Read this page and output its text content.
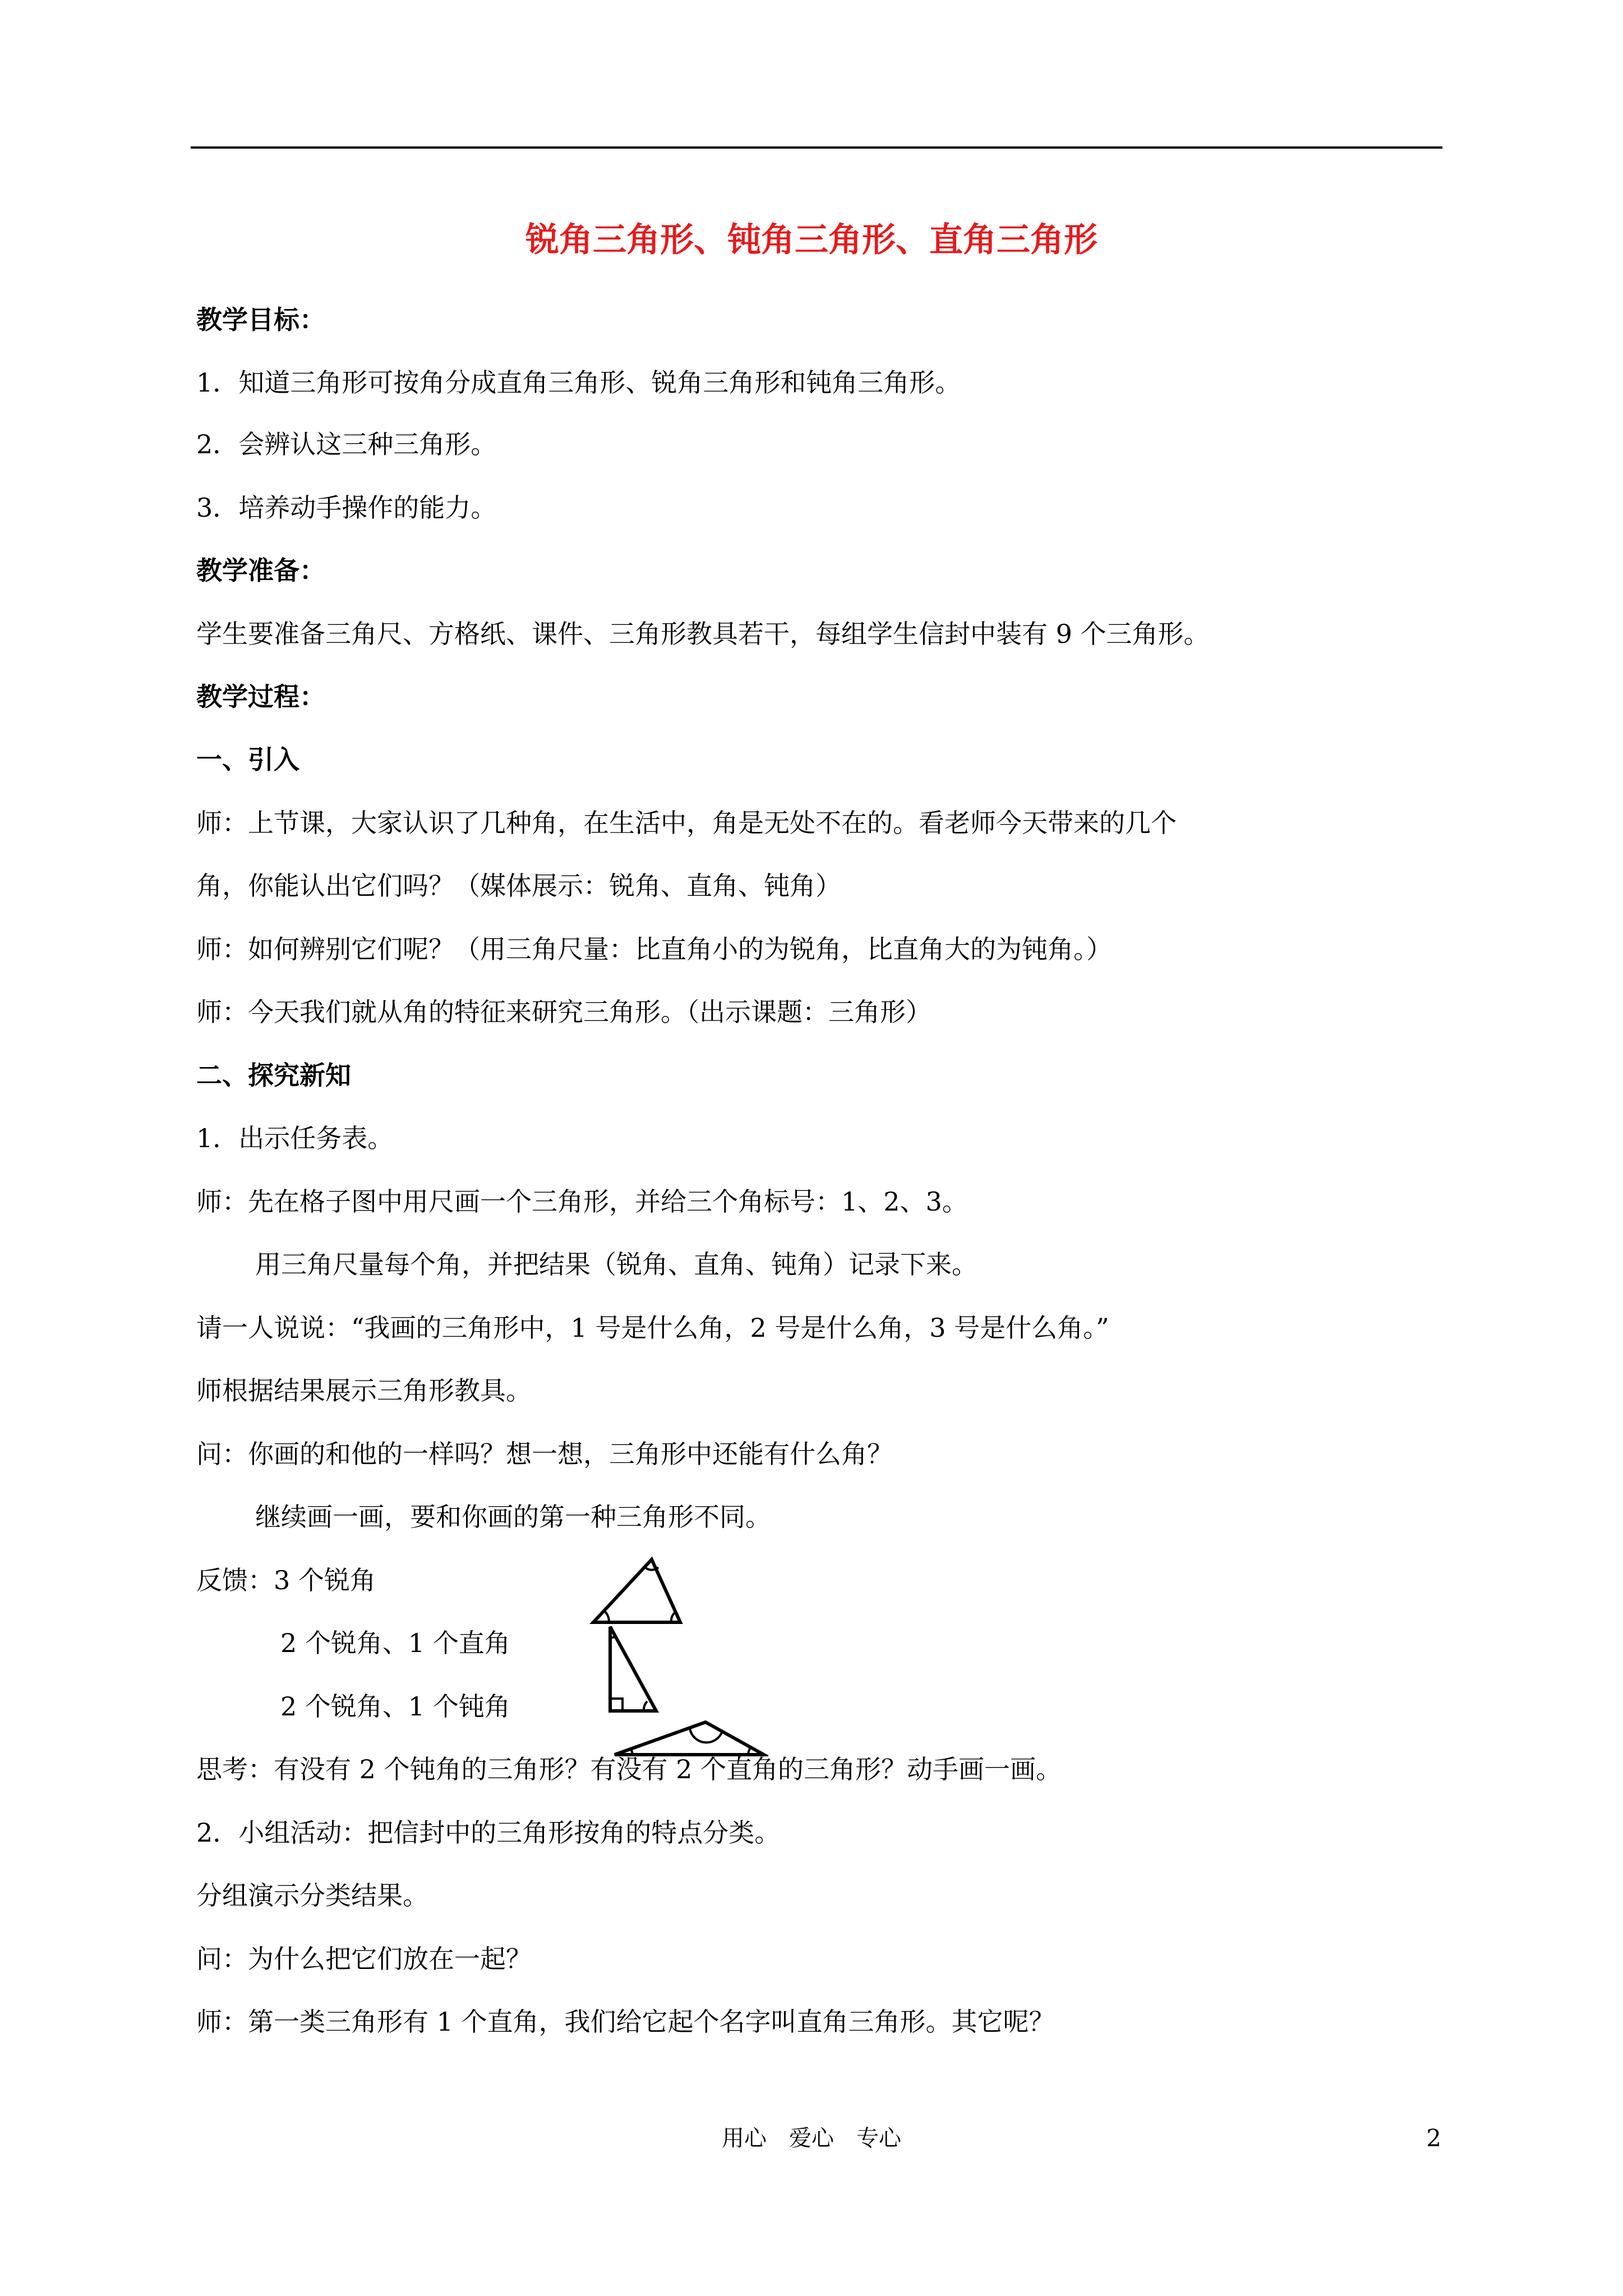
锐角三角形、钝角三角形、直角三角形
教学目标：
1．知道三角形可按角分成直角三角形、锐角三角形和钝角三角形。
2．会辨认这三种三角形。
3．培养动手操作的能力。
教学准备：
学生要准备三角尺、方格纸、课件、三角形教具若干，每组学生信封中装有 9 个三角形。
教学过程：
一、引入
师：上节课，大家认识了几种角，在生活中，角是无处不在的。看老师今天带来的几个
角，你能认出它们吗？（媒体展示：锐角、直角、钝角）
师：如何辨别它们呢？（用三角尺量：比直角小的为锐角，比直角大的为钝角。）
师：今天我们就从角的特征来研究三角形。（出示课题：三角形）
二、探究新知
1．出示任务表。
师：先在格子图中用尺画一个三角形，并给三个角标号：1、2、3。
用三角尺量每个角，并把结果（锐角、直角、钝角）记录下来。
请一人说说：“我画的三角形中，1 号是什么角，2 号是什么角，3 号是什么角。”
师根据结果展示三角形教具。
问：你画的和他的一样吗？想一想，三角形中还能有什么角？
继续画一画，要和你画的第一种三角形不同。
反馈：3 个锐角
2 个锐角、1 个直角
2 个锐角、1 个钝角
思考：有没有 2 个钝角的三角形？有没有 2 个直角的三角形？动手画一画。
2．小组活动：把信封中的三角形按角的特点分类。
分组演示分类结果。
问：为什么把它们放在一起？
师：第一类三角形有 1 个直角，我们给它起个名字叫直角三角形。其它呢？
用心　爱心　专心	2
